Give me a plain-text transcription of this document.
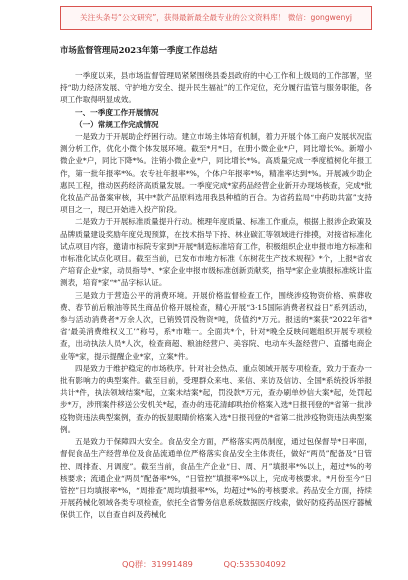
关注头条号“公文研究”，获得最新最全最专业的公文资料库！ 微信：gongwenyj
市场监督管理局2023年第一季度工作总结

一季度以来，县市场监督管理局紧紧围绕县委县政府的中心工作和上级局的工作部署，坚持“助力经济发展、守护地方安全、提升民生福祉”的工作定位，充分履行监管与服务职能，各项工作取得明显成效。

一、一季度工作开展情况

（一）常规工作完成情况

一是致力于开展助企纾困行动。建立市场主体培育机制，着力开展个体工商户发展状况监测分析工作，优化小微个体发展环境。截至*月*日，在册小微企业*户，同比增长%。新增小微企业*户，同比下降*%。注销小微企业*户，同比增长*%。高质量完成一季度植树化年报工作，第一批年报率*%。农专社年报率*%，个体户年报率*%，精准率达到*%。开展减少助企惠民工程，推动医药经济高质量发展。一季度完成*家药品经营企业新开办现场核查，完成*批化妆品产品备案审核，其中*款产品原料选用我县种植的百合。为省药监局“中药助共富”支持项目之一，现已开始进入投产阶段。

二是致力于开展标准质量提升行动。梳理年度质量、标准工作重点，根据上报涉企政策及品牌质量建设奖励年度兑现预算，在技术指导下持、林业碳汇等领域进行排摸，对接省标准化试点项目内容，邀请市标院专家到*开展*制造标准培育工作，积极组织企业申报市地方标准和市标准化试点化项目。截至当前，已发布市地方标准《东树花生产技术规程》*个，上报*省农产培育企业*家，动员指导*、*家企业申报市级标准创新贡献奖，指导*家企业填报标准统计监测表，培育*家“*”品字标认证。

三是致力于营造公平的消费环境。开展价格监督检查工作，围绕涉疫物资价格、殡葬收费、春节前后粮油等民生商品价格开展检查，精心开展“3·15国际消费者权益日”系列活动，参与活动消费者*万余人次，已销毁罚没物资*吨，货值约*万元。报送的*案获“2022年省*省‘最美消费维权义工’”称号，系*市唯一。全面共*个，针对*晚全反映问题组织开展专项检查，出动执法人员*人次，检查商超、粮油经营户、美容院、电动车头盔经营户、直播电商企业等*家，提示提醒企业*家，立案*件。

四是致力于维护稳定的市场秩序。针对社会热点、重点领域开展专项检查，致力于查办一批有影响力的典型案件。截至目前，受理群众来电、来信、来访及信访、全国*系统投诉举报共计*件，执法领域结案*起，立案未结案*起，罚没款*万元，查办刷单炒信大案*起，处罚起步*万，涉刑案件移送公安机关*起，查办的违花清邮哄抬价格案入选*日报刊登的*省第一批涉疫物资违法典型案例，查办的扳显眼睛价格案入选*日报刊登的*省第二批涉疫物资违法典型案例。

五是致力于保障四大安全。食品安全方面，严格落实两员制度，通过包保督导*日率面，督促食品生产经营单位及食品流通单位严格落实食品安全主体责任，做好“两员”配备及“日管控、周排查、月调度”。截至当前，食品生产企业“日、周、月”填报率*%以上，超过*%的考核要求；流通企业“两员”配备率*%，“日管控”填报率*%以上，完成考核要求。*月份至今“日管控”日均填报率*%，“周排查”周均填报率*%，均超过*%的考核要求。药品安全方面，持续开展药械化领域各类专项检查，依托全省警务信息系统数据医疗线索，做好防疫药品医疗器械保供工作，以自查自纠及药械化

QQ群：31991489	QQ:535304092
